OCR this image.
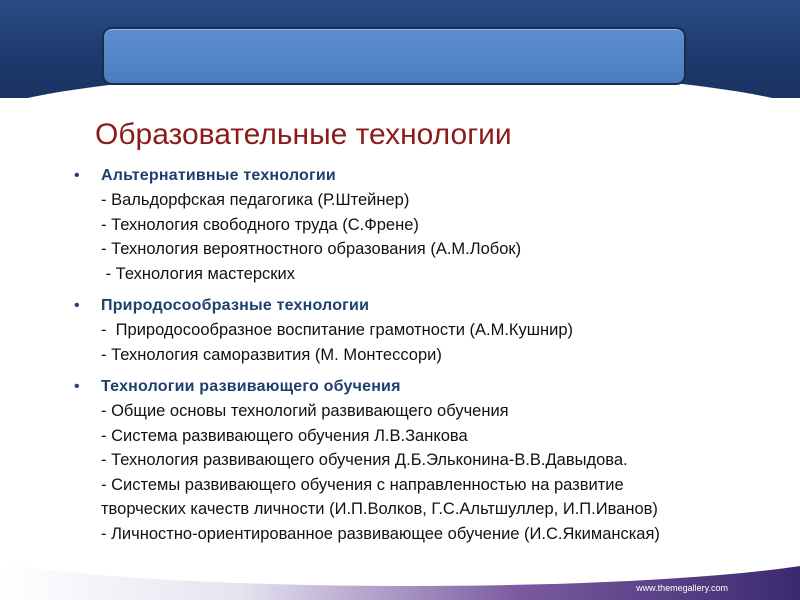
Образовательные технологии
• Альтернативные технологии
- Вальдорфская педагогика (Р.Штейнер)
- Технология свободного труда (С.Френе)
- Технология вероятностного образования (А.М.Лобок)
- Технология мастерских
• Природосообразные технологии
-  Природосообразное воспитание грамотности (А.М.Кушнир)
- Технология саморазвития (М. Монтессори)
• Технологии развивающего обучения
- Общие основы технологий развивающего обучения
- Система развивающего обучения Л.В.Занкова
- Технология развивающего обучения Д.Б.Эльконина-В.В.Давыдова.
- Системы развивающего обучения с направленностью на развитие
творческих качеств личности (И.П.Волков, Г.С.Альтшуллер, И.П.Иванов)
- Личностно-ориентированное развивающее обучение (И.С.Якиманская)
www.themegallery.com
